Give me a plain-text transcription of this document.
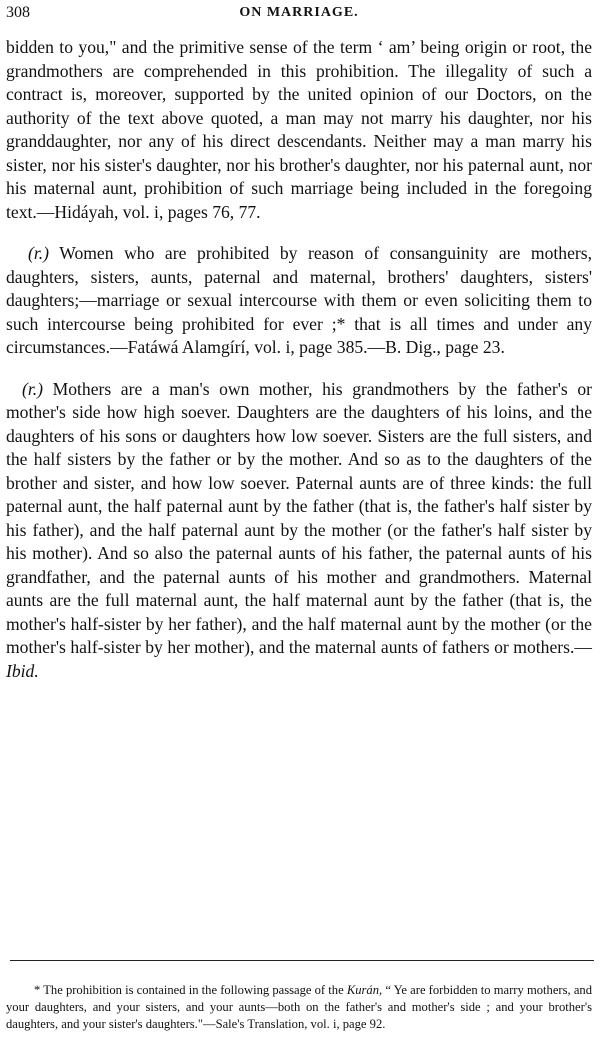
308	ON MARRIAGE.

bidden to you," and the primitive sense of the term ‘ am’ being origin or root, the grandmothers are comprehended in this prohibition. The illegality of such a contract is, moreover, supported by the united opinion of our Doctors, on the authority of the text above quoted, a man may not marry his daughter, nor his granddaughter, nor any of his direct descendants. Neither may a man marry his sister, nor his sister's daughter, nor his brother's daughter, nor his paternal aunt, nor his maternal aunt, prohibition of such marriage being included in the foregoing text.—Hidáyah, vol. i, pages 76, 77.

(r.) Women who are prohibited by reason of consanguinity are mothers, daughters, sisters, aunts, paternal and maternal, brothers' daughters, sisters' daughters;—marriage or sexual intercourse with them or even soliciting them to such intercourse being prohibited for ever ;* that is all times and under any circumstances.—Fatáwá Alamgírí, vol. i, page 385.—B. Dig., page 23.

(r.) Mothers are a man's own mother, his grandmothers by the father's or mother's side how high soever. Daughters are the daughters of his loins, and the daughters of his sons or daughters how low soever. Sisters are the full sisters, and the half sisters by the father or by the mother. And so as to the daughters of the brother and sister, and how low soever. Paternal aunts are of three kinds: the full paternal aunt, the half paternal aunt by the father (that is, the father's half sister by his father), and the half paternal aunt by the mother (or the father's half sister by his mother). And so also the paternal aunts of his father, the paternal aunts of his grandfather, and the paternal aunts of his mother and grandmothers. Maternal aunts are the full maternal aunt, the half maternal aunt by the father (that is, the mother's half-sister by her father), and the half maternal aunt by the mother (or the mother's half-sister by her mother), and the maternal aunts of fathers or mothers.—Ibid.

* The prohibition is contained in the following passage of the Kurán, “ Ye are forbidden to marry mothers, and your daughters, and your sisters, and your aunts—both on the father's and mother's side ; and your brother's daughters, and your sister's daughters."—Sale's Translation, vol. i, page 92.
